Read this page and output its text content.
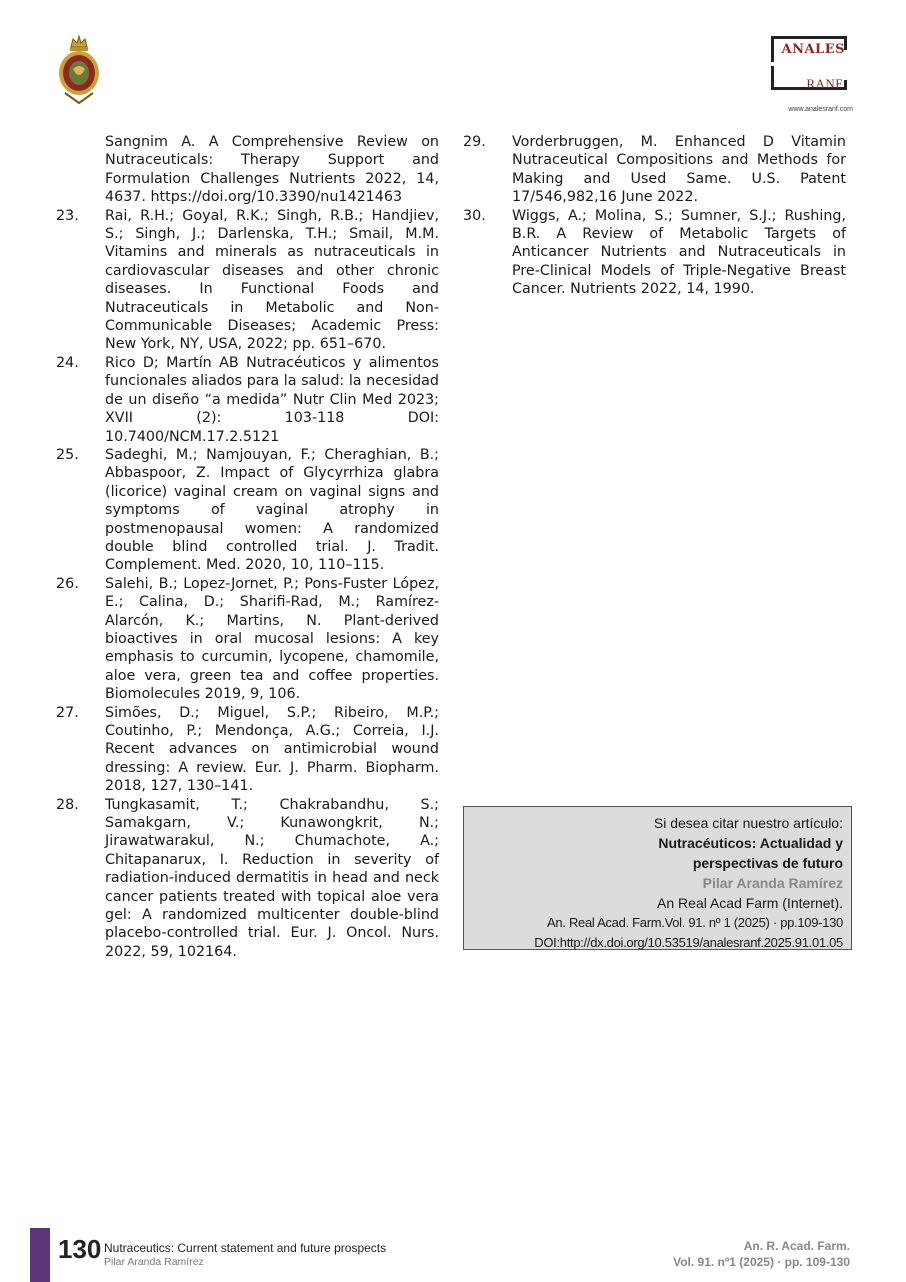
ANALES
RANF
www.analesranf.com
Sangnim A. A Comprehensive Review on Nutraceuticals: Therapy Support and Formulation Challenges Nutrients 2022, 14, 4637. https://doi.org/10.3390/nu1421463
23.	Rai, R.H.; Goyal, R.K.; Singh, R.B.; Handjiev, S.; Singh, J.; Darlenska, T.H.; Smail, M.M. Vitamins and minerals as nutraceuticals in cardiovascular diseases and other chronic diseases. In Functional Foods and Nutraceuticals in Metabolic and Non-Communicable Diseases; Academic Press: New York, NY, USA, 2022; pp. 651–670.
24.	Rico D; Martín AB Nutracéuticos y alimentos funcionales aliados para la salud: la necesidad de un diseño “a medida” Nutr Clin Med 2023; XVII (2): 103-118 DOI: 10.7400/NCM.17.2.5121
25.	Sadeghi, M.; Namjouyan, F.; Cheraghian, B.; Abbaspoor, Z. Impact of Glycyrrhiza glabra (licorice) vaginal cream on vaginal signs and symptoms of vaginal atrophy in postmenopausal women: A randomized double blind controlled trial. J. Tradit. Complement. Med. 2020, 10, 110–115.
26.	Salehi, B.; Lopez-Jornet, P.; Pons-Fuster López, E.; Calina, D.; Sharifi-Rad, M.; Ramírez-Alarcón, K.; Martins, N. Plant-derived bioactives in oral mucosal lesions: A key emphasis to curcumin, lycopene, chamomile, aloe vera, green tea and coffee properties. Biomolecules 2019, 9, 106.
27.	Simões, D.; Miguel, S.P.; Ribeiro, M.P.; Coutinho, P.; Mendonça, A.G.; Correia, I.J. Recent advances on antimicrobial wound dressing: A review. Eur. J. Pharm. Biopharm. 2018, 127, 130–141.
28.	Tungkasamit, T.; Chakrabandhu, S.; Samakgarn, V.; Kunawongkrit, N.; Jirawatwarakul, N.; Chumachote, A.; Chitapanarux, I. Reduction in severity of radiation-induced dermatitis in head and neck cancer patients treated with topical aloe vera gel: A randomized multicenter double-blind placebo-controlled trial. Eur. J. Oncol. Nurs. 2022, 59, 102164.
29.	Vorderbruggen, M. Enhanced D Vitamin Nutraceutical Compositions and Methods for Making and Used Same. U.S. Patent 17/546,982,16 June 2022.
30.	Wiggs, A.; Molina, S.; Sumner, S.J.; Rushing, B.R. A Review of Metabolic Targets of Anticancer Nutrients and Nutraceuticals in Pre-Clinical Models of Triple-Negative Breast Cancer. Nutrients 2022, 14, 1990.
Si desea citar nuestro artículo:
Nutracéuticos: Actualidad y
perspectivas de futuro
Pilar Aranda Ramírez
An Real Acad Farm (Internet).
An. Real Acad. Farm.Vol. 91. nº 1 (2025) · pp.109-130
DOI:http://dx.doi.org/10.53519/analesranf.2025.91.01.05
130 Nutraceutics: Current statement and future prospects
Pilar Aranda Ramírez
An. R. Acad. Farm.
Vol. 91. nº1 (2025) · pp. 109-130
